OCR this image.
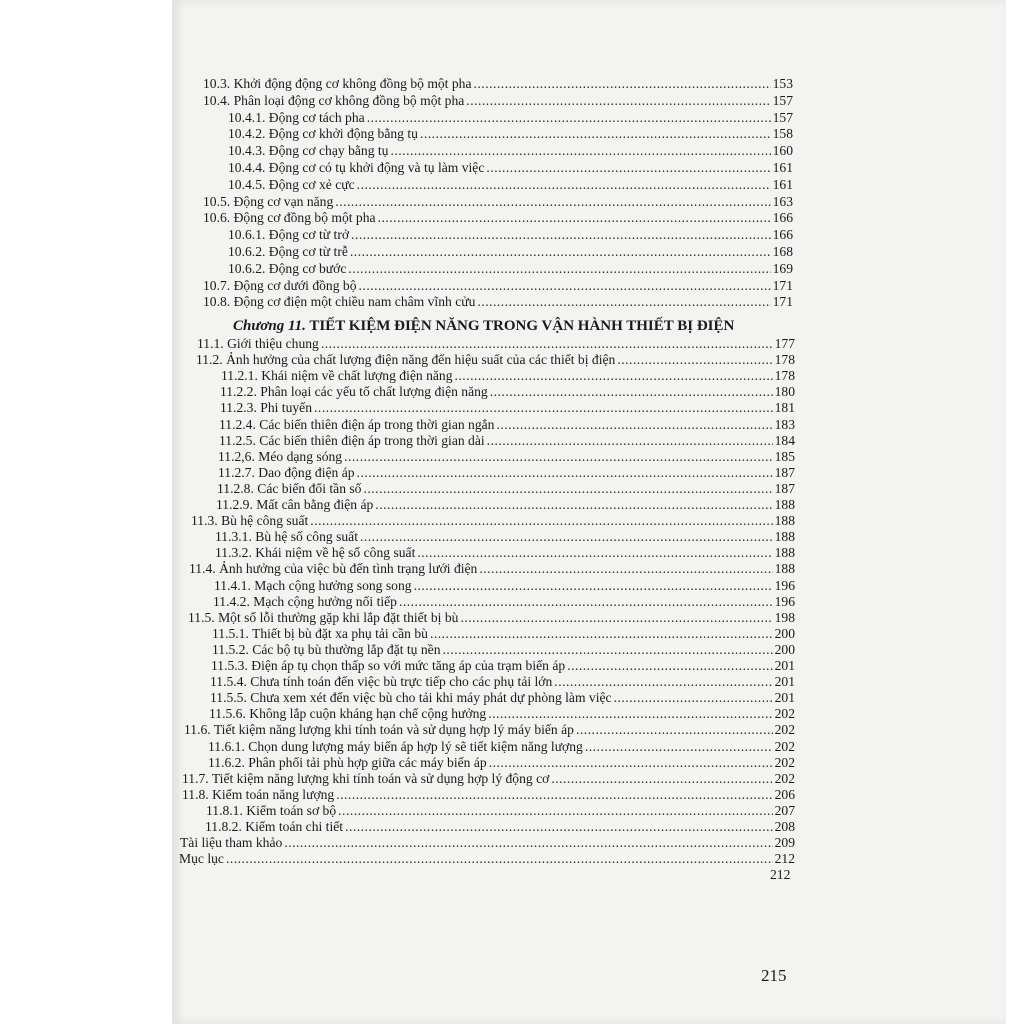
10.3. Khởi động động cơ không đồng bộ một pha .....	153
10.4. Phân loại động cơ không đồng bộ một pha .....	157
10.4.1. Động cơ tách pha .....	157
10.4.2. Động cơ khởi động bằng tụ .....	158
10.4.3. Động cơ chạy bằng tụ .....	160
10.4.4. Động cơ có tụ khởi động và tụ làm việc .....	161
10.4.5. Động cơ xẻ cực .....	161
10.5. Động cơ vạn năng .....	163
10.6. Động cơ đồng bộ một pha .....	166
10.6.1. Động cơ từ trở .....	166
10.6.2. Động cơ từ trễ .....	168
10.6.2. Động cơ bước .....	169
10.7. Động cơ dưới đồng bộ .....	171
10.8. Động cơ điện một chiều nam châm vĩnh cửu .....	171
11.1. Giới thiệu chung .....	177
11.2. Ảnh hưởng của chất lượng điện năng đến hiệu suất của các thiết bị điện .....	178
11.2.1. Khái niệm về chất lượng điện năng .....	178
11.2.2. Phân loại các yếu tố chất lượng điện năng .....	180
11.2.3. Phi tuyến .....	181
11.2.4. Các biến thiên điện áp trong thời gian ngắn .....	183
11.2.5. Các biến thiên điện áp trong thời gian dài .....	184
11.2,6. Méo dạng sóng .....	185
11.2.7. Dao động điện áp .....	187
11.2.8. Các biến đổi tần số .....	187
11.2.9. Mất cân bằng điện áp .....	188
11.3. Bù hệ công suất .....	188
11.3.1. Bù hệ số công suất .....	188
11.3.2. Khái niệm về hệ số công suất .....	188
11.4. Ảnh hưởng của việc bù đến tình trạng lưới điện .....	188
11.4.1. Mạch cộng hưởng song song .....	196
11.4.2. Mạch cộng hưởng nối tiếp .....	196
11.5. Một số lỗi thường gặp khi lắp đặt thiết bị bù .....	198
11.5.1. Thiết bị bù đặt xa phụ tải cần bù .....	200
11.5.2. Các bộ tụ bù thường lắp đặt tụ nền .....	200
11.5.3. Điện áp tụ chọn thấp so với mức tăng áp của trạm biến áp .....	201
11.5.4. Chưa tính toán đến việc bù trực tiếp cho các phụ tải lớn .....	201
11.5.5. Chưa xem xét đến việc bù cho tải khi máy phát dự phòng làm việc .....	201
11.5.6. Không lắp cuộn kháng hạn chế cộng hưởng .....	202
11.6. Tiết kiệm năng lượng khi tính toán và sử dụng hợp lý máy biến áp .....	202
11.6.1. Chọn dung lượng máy biến áp hợp lý sẽ tiết kiệm năng lượng .....	202
11.6.2. Phân phối tải phù hợp giữa các máy biến áp .....	202
11.7. Tiết kiệm năng lượng khi tính toán và sử dụng hợp lý động cơ .....	202
11.8. Kiểm toán năng lượng .....	206
11.8.1. Kiểm toán sơ bộ .....	207
11.8.2. Kiểm toán chi tiết .....	208
Tài liệu tham khảo .....	209
Mục lục .....	212
212
Chương 11. TIẾT KIỆM ĐIỆN NĂNG TRONG VẬN HÀNH THIẾT BỊ ĐIỆN
215
